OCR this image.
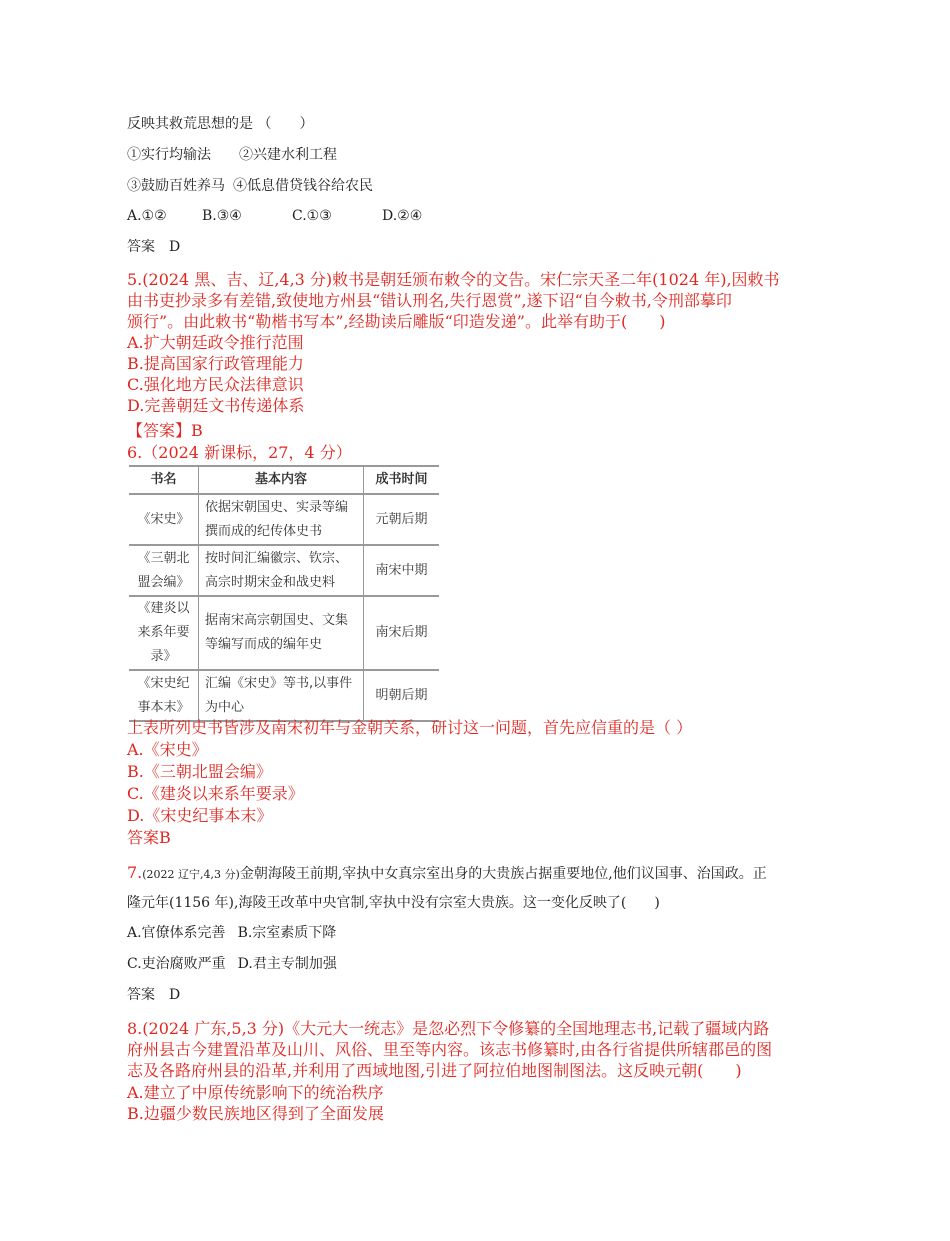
反映其救荒思想的是 （　　）
①实行均输法 ②兴建水利工程
③鼓励百姓养马 ④低息借贷钱谷给农民
A.①②	B.③④	C.①③	D.②④
答案　D
5.(2024 黑、吉、辽,4,3 分)敕书是朝廷颁布敕令的文告。宋仁宗天圣二年(1024 年),因敕书
由书吏抄录多有差错,致使地方州县“错认刑名,失行恩赏”,遂下诏“自今敕书,令刑部摹印
颁行”。由此敕书“勒楷书写本”,经勘读后雕版“印造发递”。此举有助于(　　)
A.扩大朝廷政令推行范围
B.提高国家行政管理能力
C.强化地方民众法律意识
D.完善朝廷文书传递体系
【答案】B
6.（2024 新课标，27，4 分）
书名	基本内容	成书时间
《宋史》	依据宋朝国史、实录等编撰而成的纪传体史书	元朝后期
《三朝北盟会编》	按时间汇编徽宗、钦宗、高宗时期宋金和战史料	南宋中期
《建炎以来系年要录》	据南宋高宗朝国史、文集等编写而成的编年史	南宋后期
《宋史纪事本末》	汇编《宋史》等书,以事件为中心	明朝后期
上表所列史书皆涉及南宋初年与金朝关系，研讨这一问题，首先应信重的是（ ）
A.《宋史》
B.《三朝北盟会编》
C.《建炎以来系年要录》
D.《宋史纪事本末》
答案B
7.(2022 辽宁,4,3 分)金朝海陵王前期,宰执中女真宗室出身的大贵族占据重要地位,他们议国事、治国政。正
隆元年(1156 年),海陵王改革中央官制,宰执中没有宗室大贵族。这一变化反映了(　　)
A.官僚体系完善 B.宗室素质下降
C.吏治腐败严重 D.君主专制加强
答案　D
8.(2024 广东,5,3 分)《大元大一统志》是忽必烈下令修纂的全国地理志书,记载了疆域内路
府州县古今建置沿革及山川、风俗、里至等内容。该志书修纂时,由各行省提供所辖郡邑的图
志及各路府州县的沿革,并利用了西域地图,引进了阿拉伯地图制图法。这反映元朝(　　)
A.建立了中原传统影响下的统治秩序
B.边疆少数民族地区得到了全面发展
